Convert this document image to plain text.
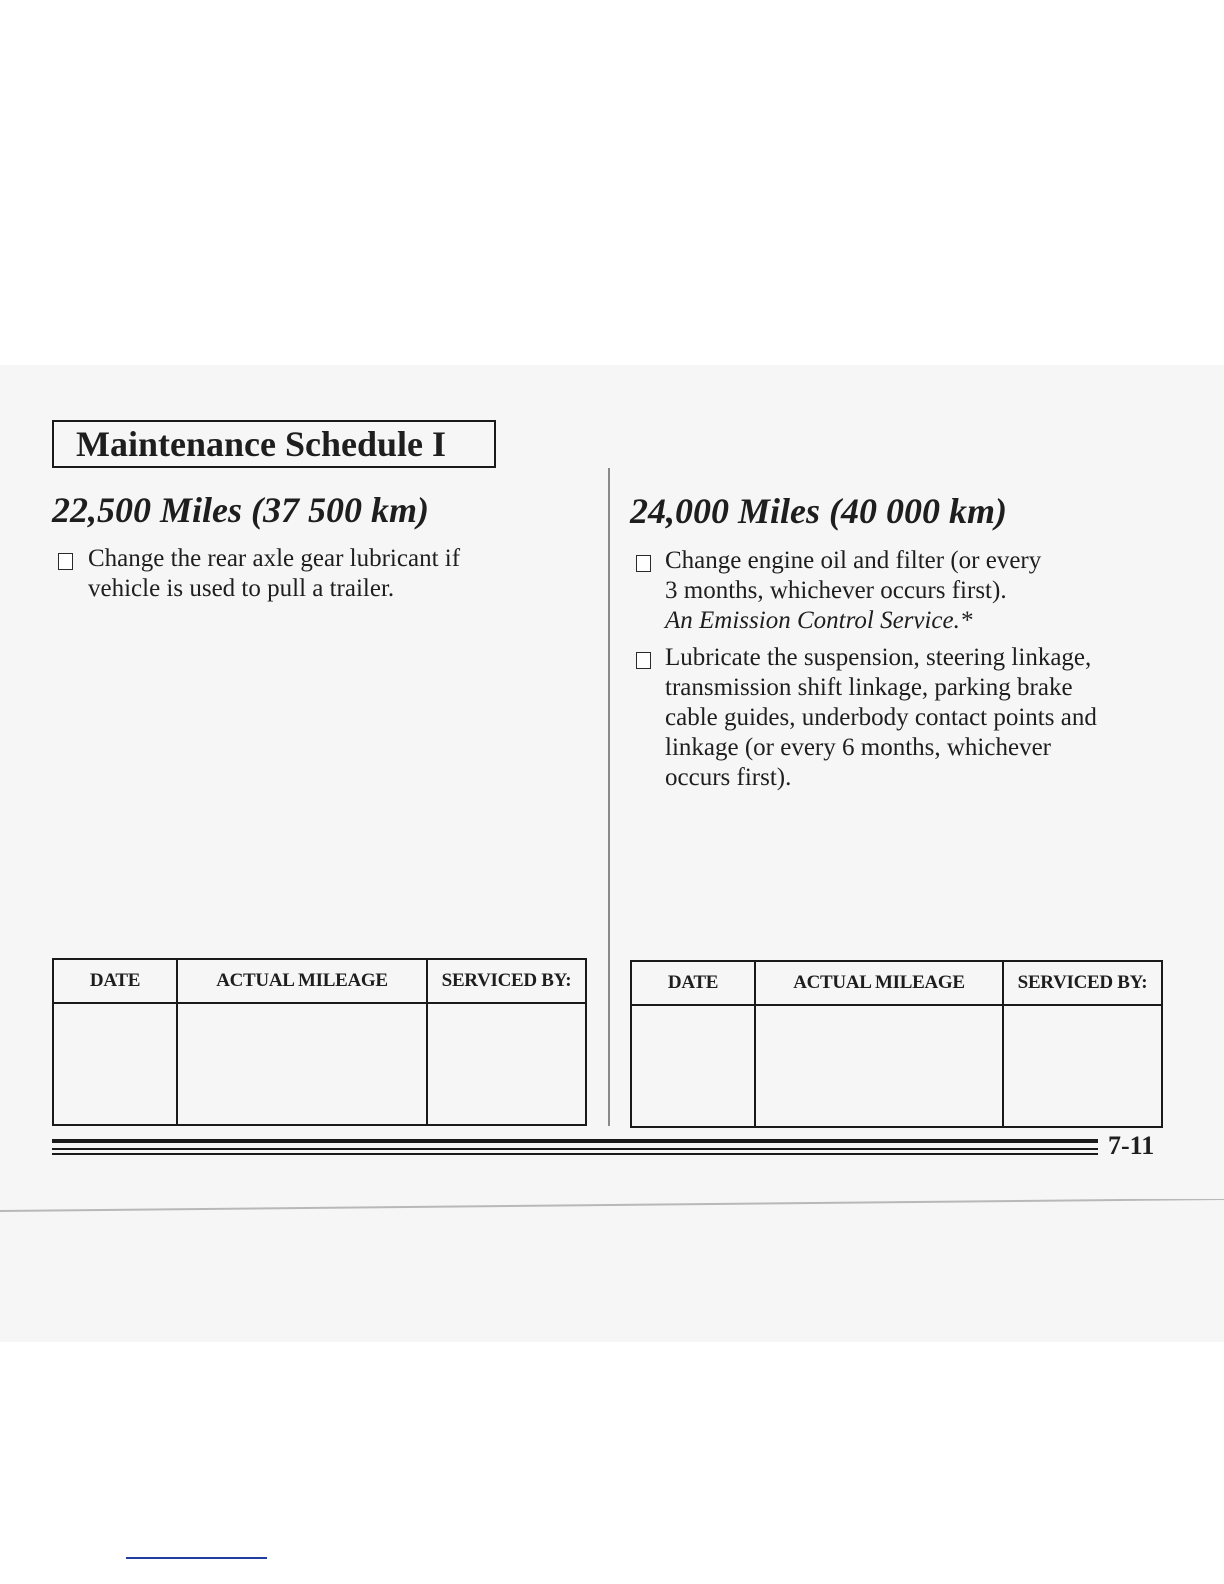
Maintenance Schedule I
22,500 Miles (37 500 km)
Change the rear axle gear lubricant if
vehicle is used to pull a trailer.
24,000 Miles (40 000 km)
Change engine oil and filter (or every
3 months, whichever occurs first).
An Emission Control Service.*
Lubricate the suspension, steering linkage,
transmission shift linkage, parking brake
cable guides, underbody contact points and
linkage (or every 6 months, whichever
occurs first).
DATE	ACTUAL MILEAGE	SERVICED BY:
			DATE	ACTUAL MILEAGE	SERVICED BY:

7-11
